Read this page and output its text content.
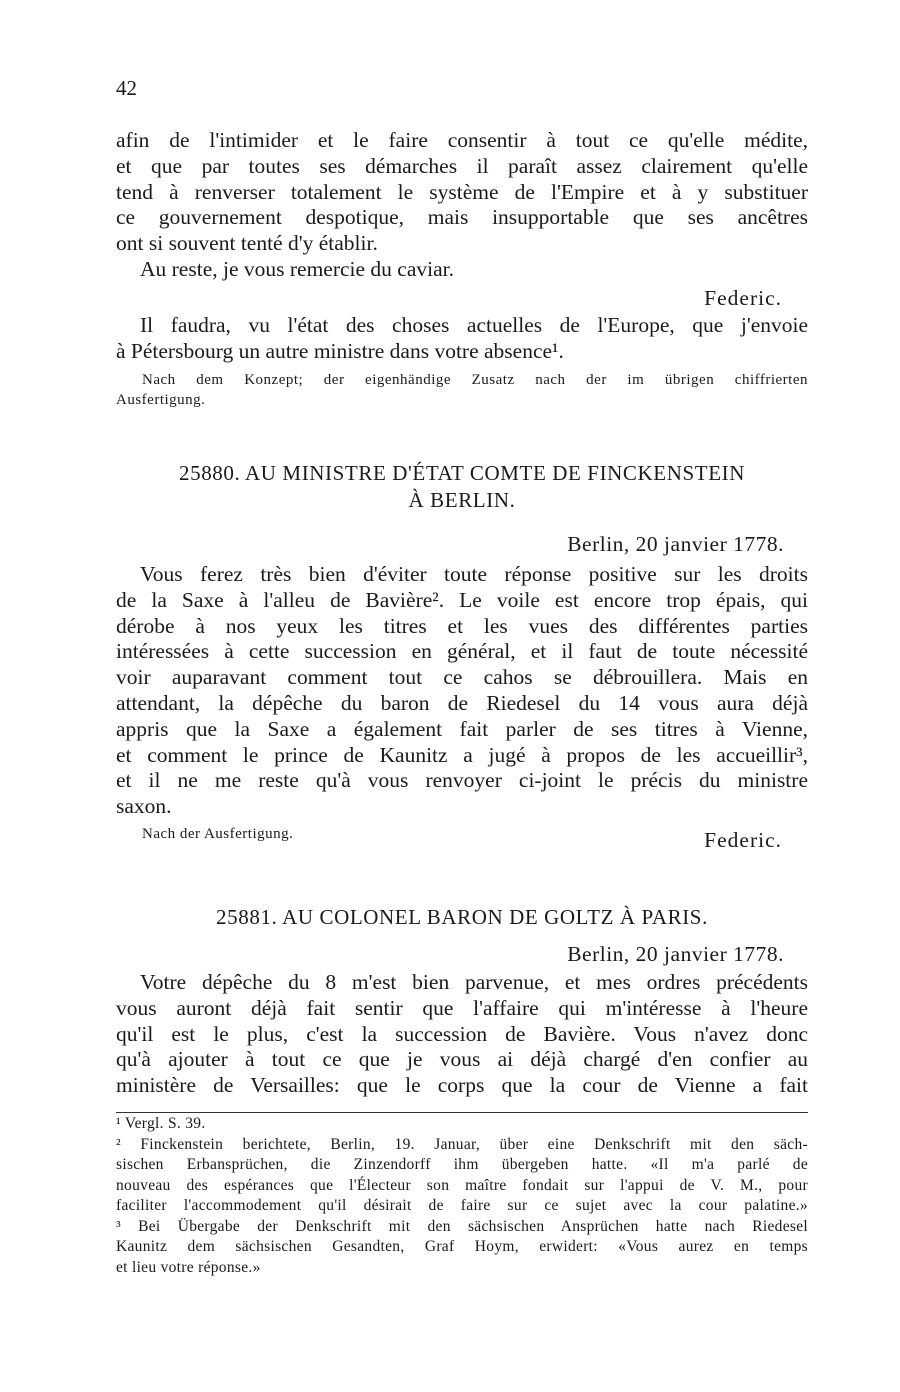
42
afin de l'intimider et le faire consentir à tout ce qu'elle médite,
et que par toutes ses démarches il paraît assez clairement qu'elle
tend à renverser totalement le système de l'Empire et à y substituer
ce gouvernement despotique, mais insupportable que ses ancêtres
ont si souvent tenté d'y établir.
Au reste, je vous remercie du caviar.
Federic.
Il faudra, vu l'état des choses actuelles de l'Europe, que j'envoie
à Pétersbourg un autre ministre dans votre absence¹.
Nach dem Konzept; der eigenhändige Zusatz nach der im übrigen chiffrierten
Ausfertigung.
25880. AU MINISTRE D'ÉTAT COMTE DE FINCKENSTEIN
À BERLIN.
Berlin, 20 janvier 1778.
Vous ferez très bien d'éviter toute réponse positive sur les droits
de la Saxe à l'alleu de Bavière². Le voile est encore trop épais, qui
dérobe à nos yeux les titres et les vues des différentes parties
intéressées à cette succession en général, et il faut de toute nécessité
voir auparavant comment tout ce cahos se débrouillera. Mais en
attendant, la dépêche du baron de Riedesel du 14 vous aura déjà
appris que la Saxe a également fait parler de ses titres à Vienne,
et comment le prince de Kaunitz a jugé à propos de les accueillir³,
et il ne me reste qu'à vous renvoyer ci-joint le précis du ministre
saxon.
Nach der Ausfertigung.	Federic.
25881. AU COLONEL BARON DE GOLTZ À PARIS.
Berlin, 20 janvier 1778.
Votre dépêche du 8 m'est bien parvenue, et mes ordres précédents
vous auront déjà fait sentir que l'affaire qui m'intéresse à l'heure
qu'il est le plus, c'est la succession de Bavière. Vous n'avez donc
qu'à ajouter à tout ce que je vous ai déjà chargé d'en confier au
ministère de Versailles: que le corps que la cour de Vienne a fait
¹ Vergl. S. 39.
² Finckenstein berichtete, Berlin, 19. Januar, über eine Denkschrift mit den säch-
sischen Erbansprüchen, die Zinzendorff ihm übergeben hatte. «Il m'a parlé de
nouveau des espérances que l'Électeur son maître fondait sur l'appui de V. M., pour
faciliter l'accommodement qu'il désirait de faire sur ce sujet avec la cour palatine.»
³ Bei Übergabe der Denkschrift mit den sächsischen Ansprüchen hatte nach Riedesel
Kaunitz dem sächsischen Gesandten, Graf Hoym, erwidert: «Vous aurez en temps
et lieu votre réponse.»
